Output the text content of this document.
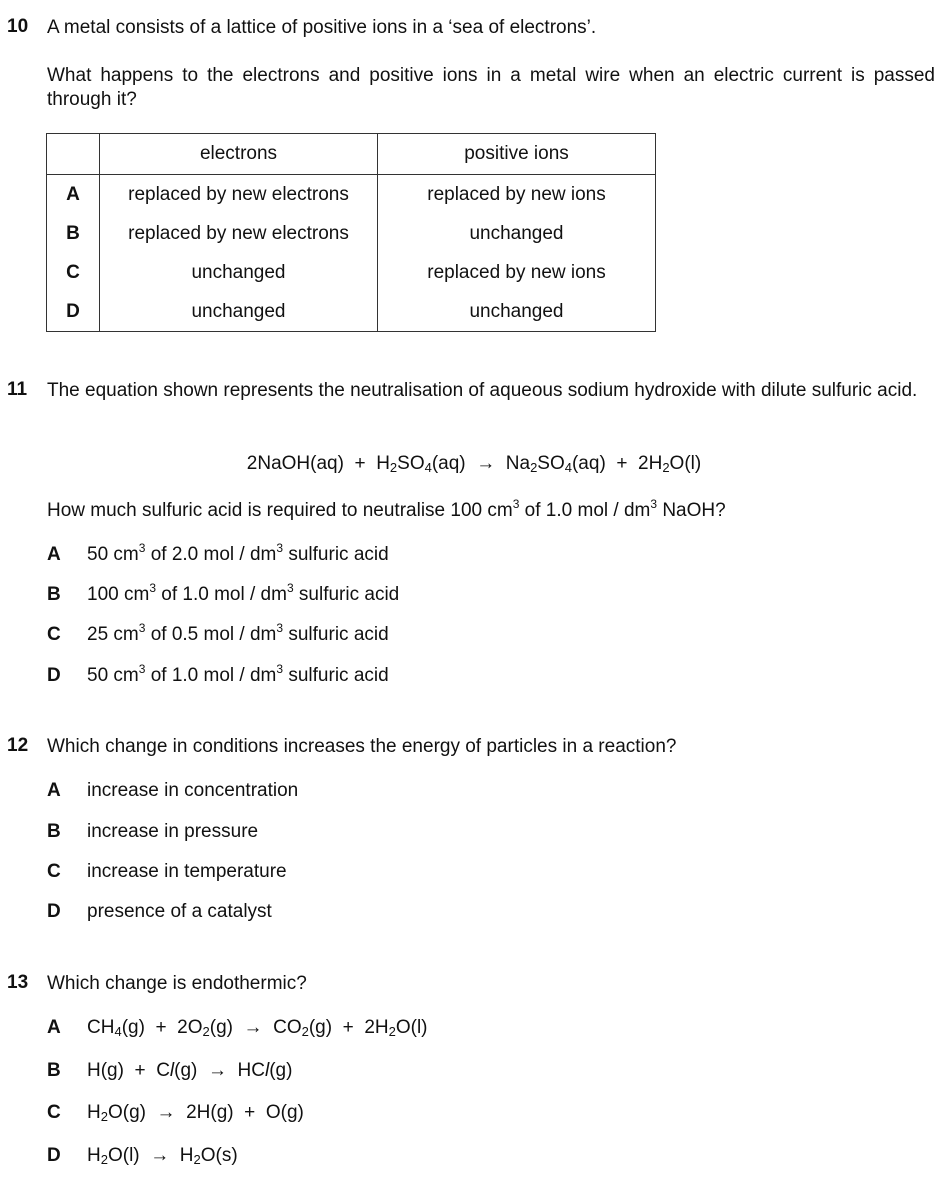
10 A metal consists of a lattice of positive ions in a ‘sea of electrons’.
What happens to the electrons and positive ions in a metal wire when an electric current is passed through it?
	electrons	positive ions
A	replaced by new electrons	replaced by new ions
B	replaced by new electrons	unchanged
C	unchanged	replaced by new ions
D	unchanged	unchanged
11 The equation shown represents the neutralisation of aqueous sodium hydroxide with dilute sulfuric acid.
2NaOH(aq) + $H_2SO_4(aq) \to Na_2SO_4(aq) + 2H_2O(l)$
How much sulfuric acid is required to neutralise 100 $cm^3$ of 1.0 mol / $dm^3$ NaOH?
A 50 $cm^3$ of 2.0 mol / $dm^3$ sulfuric acid
B 100 $cm^3$ of 1.0 mol / $dm^3$ sulfuric acid
C 25 $cm^3$ of 0.5 mol / $dm^3$ sulfuric acid
D 50 $cm^3$ of 1.0 mol / $dm^3$ sulfuric acid
12 Which change in conditions increases the energy of particles in a reaction?
A increase in concentration
B increase in pressure
C increase in temperature
D presence of a catalyst
13 Which change is endothermic?
A $CH_4(g) + 2O_2(g) \to CO_2(g) + 2H_2O(l)$
B H(g) + Cl(g) → HCl(g)
C $H_2O(g) \to 2H(g) + O(g)$
D $H_2O(l) \to H_2O(s)$
